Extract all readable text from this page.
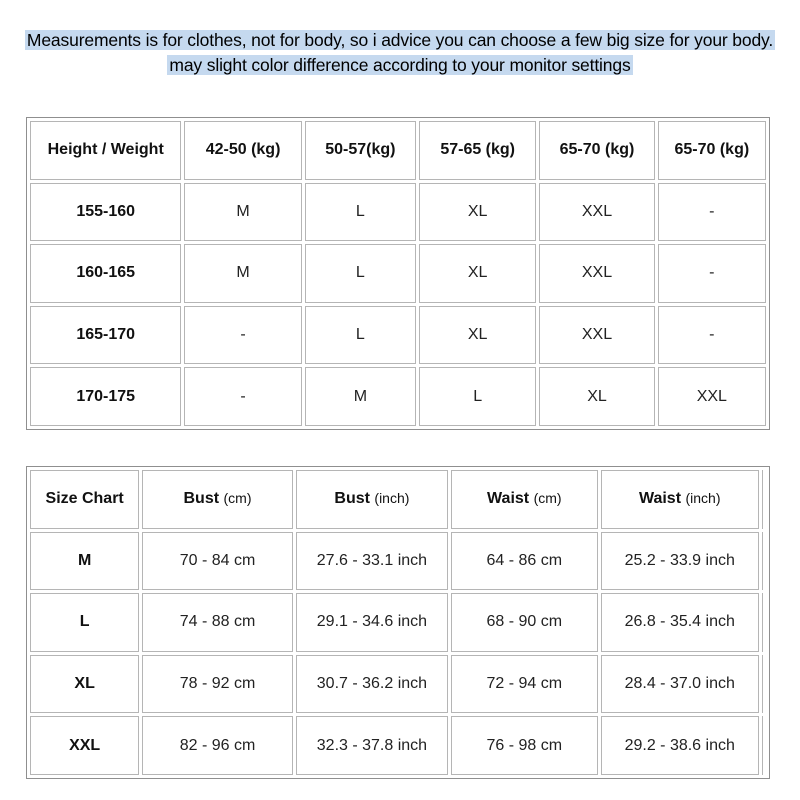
Measurements is for clothes, not for body, so i advice you can choose a few big size for your body.
may slight color difference according to your monitor settings
Height / Weight	42-50 (kg)	50-57(kg)	57-65 (kg)	65-70 (kg)	65-70 (kg)
155-160	M	L	XL	XXL	-
160-165	M	L	XL	XXL	-
165-170	-	L	XL	XXL	-
170-175	-	M	L	XL	XXL
Size Chart	Bust (cm)	Bust (inch)	Waist (cm)	Waist (inch)	
M	70 - 84 cm	27.6 - 33.1 inch	64 - 86 cm	25.2 - 33.9 inch	
L	74 - 88 cm	29.1 - 34.6 inch	68 - 90 cm	26.8 - 35.4 inch	
XL	78 - 92 cm	30.7 - 36.2 inch	72 - 94 cm	28.4 - 37.0 inch	
XXL	82 - 96 cm	32.3 - 37.8 inch	76 - 98 cm	29.2 - 38.6 inch	
